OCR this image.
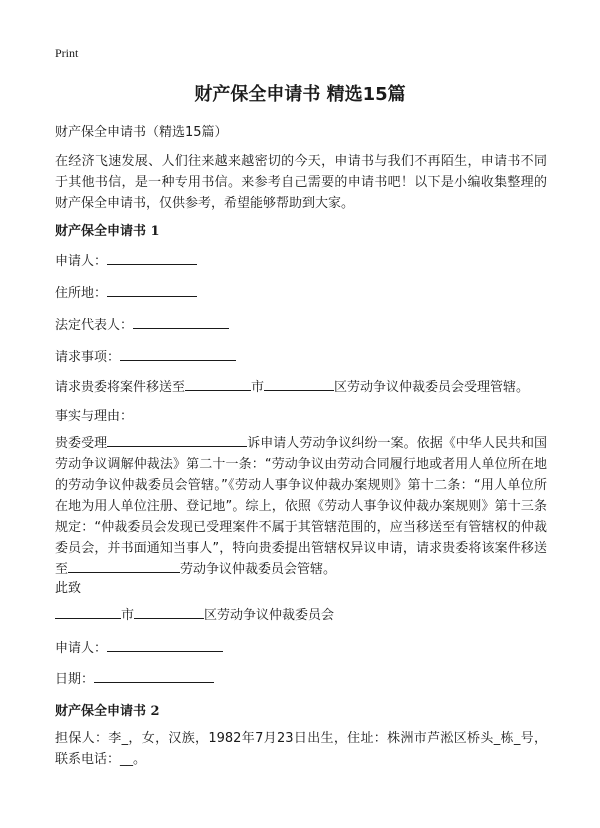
Print
财产保全申请书 精选15篇
财产保全申请书（精选15篇）
在经济飞速发展、人们往来越来越密切的今天，申请书与我们不再陌生，申请书不同于其他书信，是一种专用书信。来参考自己需要的申请书吧！以下是小编收集整理的财产保全申请书，仅供参考，希望能够帮助到大家。
财产保全申请书 1
申请人：
住所地：
法定代表人：
请求事项：
请求贵委将案件移送至	市	区劳动争议仲裁委员会受理管辖。
事实与理由：
贵委受理	诉申请人劳动争议纠纷一案。依据《中华人民共和国劳动争议调解仲裁法》第二十一条：“劳动争议由劳动合同履行地或者用人单位所在地的劳动争议仲裁委员会管辖。”《劳动人事争议仲裁办案规则》第十二条：“用人单位所在地为用人单位注册、登记地”。综上，依照《劳动人事争议仲裁办案规则》第十三条规定：“仲裁委员会发现已受理案件不属于其管辖范围的，应当移送至有管辖权的仲裁委员会，并书面通知当事人”，特向贵委提出管辖权异议申请，请求贵委将该案件移送至	劳动争议仲裁委员会管辖。
此致
市	区劳动争议仲裁委员会
申请人：
日期：
财产保全申请书 2
担保人：李_，女，汉族，1982年7月23日出生，住址：株洲市芦淞区桥头_栋_号，联系电话：__。
